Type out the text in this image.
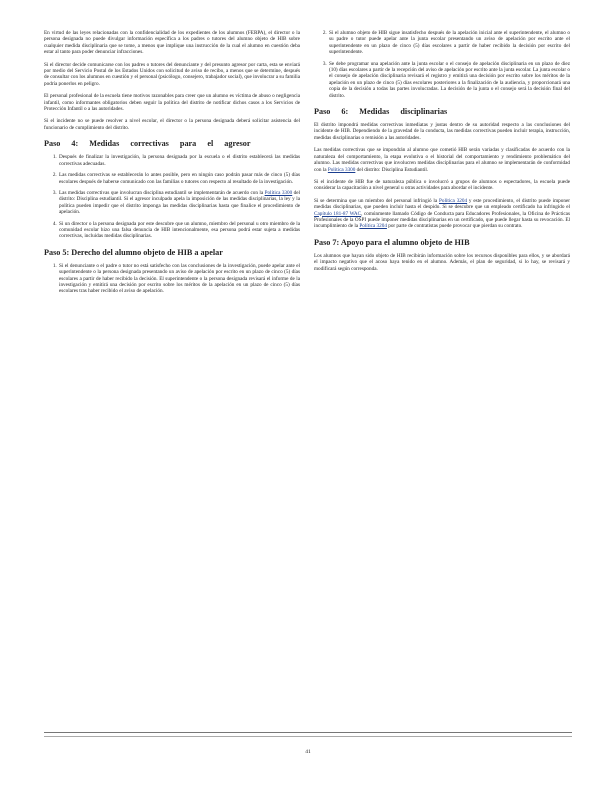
En virtud de las leyes relacionadas con la confidencialidad de los expedientes de los alumnos (FERPA), el director o la persona designada no puede divulgar información específica a los padres o tutores del alumno objeto de HIB sobre cualquier medida disciplinaria que se tome, a menos que implique una instrucción de la cual el alumno en cuestión deba estar al tanto para poder denunciar infracciones.

Si el director decide comunicarse con los padres o tutores del denunciante y del presunto agresor por carta, esta se enviará por medio del Servicio Postal de los Estados Unidos con solicitud de aviso de recibo, a menos que se determine, después de consultar con los alumnos en cuestión y el personal (psicólogo, consejero, trabajador social), que involucrar a su familia podría ponerlos en peligro.

El personal profesional de la escuela tiene motivos razonables para creer que un alumno es víctima de abuso o negligencia infantil, como informantes obligatorios deben seguir la política del distrito de notificar dichos casos a los Servicios de Protección Infantil o a las autoridades.

Si el incidente no se puede resolver a nivel escolar, el director o la persona designada deberá solicitar asistencia del funcionario de cumplimiento del distrito.

Paso 4: Medidas correctivas para el agresor

1. Después de finalizar la investigación, la persona designada por la escuela o el distrito establecerá las medidas correctivas adecuadas.

2. Las medidas correctivas se establecerán lo antes posible, pero en ningún caso podrán pasar más de cinco (5) días escolares después de haberse comunicado con las familias o tutores con respecto al resultado de la investigación.

3. Las medidas correctivas que involucran disciplina estudiantil se implementarán de acuerdo con la Política 3300 del distrito: Disciplina estudiantil. Si el agresor inculpado apela la imposición de las medidas disciplinarias, la ley y la política pueden impedir que el distrito imponga las medidas disciplinarias hasta que finalice el procedimiento de apelación.

4. Si un director o la persona designada por este descubre que un alumno, miembro del personal u otro miembro de la comunidad escolar hizo una falsa denuncia de HIB intencionalmente, esa persona podrá estar sujeta a medidas correctivas, incluidas medidas disciplinarias.

Paso 5: Derecho del alumno objeto de HIB a apelar

1. Si el denunciante o el padre o tutor no está satisfecho con las conclusiones de la investigación, puede apelar ante el superintendente o la persona designada presentando un aviso de apelación por escrito en un plazo de cinco (5) días escolares a partir de haber recibido la decisión. El superintendente o la persona designada revisará el informe de la investigación y emitirá una decisión por escrito sobre los méritos de la apelación en un plazo de cinco (5) días escolares tras haber recibido el aviso de apelación.

2. Si el alumno objeto de HIB sigue insatisfecho después de la apelación inicial ante el superintendente, el alumno o su padre o tutor puede apelar ante la junta escolar presentando un aviso de apelación por escrito ante el superintendente en un plazo de cinco (5) días escolares a partir de haber recibido la decisión por escrito del superintendente.

3. Se debe programar una apelación ante la junta escolar o el consejo de apelación disciplinaria en un plazo de diez (10) días escolares a partir de la recepción del aviso de apelación por escrito ante la junta escolar. La junta escolar o el consejo de apelación disciplinaria revisará el registro y emitirá una decisión por escrito sobre los méritos de la apelación en un plazo de cinco (5) días escolares posteriores a la finalización de la audiencia, y proporcionará una copia de la decisión a todas las partes involucradas. La decisión de la junta o el consejo será la decisión final del distrito.

Paso 6: Medidas disciplinarias

El distrito impondrá medidas correctivas inmediatas y justas dentro de su autoridad respecto a las conclusiones del incidente de HIB. Dependiendo de la gravedad de la conducta, las medidas correctivas pueden incluir terapia, instrucción, medidas disciplinarias o remisión a las autoridades.

Las medidas correctivas que se impondrán al alumno que cometió HIB serán variadas y clasificadas de acuerdo con la naturaleza del comportamiento, la etapa evolutiva o el historial del comportamiento y rendimiento problemático del alumno. Las medidas correctivas que involucren medidas disciplinarias para el alumno se implementarán de conformidad con la Política 3300 del distrito: Disciplina Estudiantil.

Si el incidente de HIB fue de naturaleza pública o involucró a grupos de alumnos o espectadores, la escuela puede considerar la capacitación a nivel general u otras actividades para abordar el incidente.

Si se determina que un miembro del personal infringió la Política 3204 y este procedimiento, el distrito puede imponer medidas disciplinarias, que pueden incluir hasta el despido. Si se descubre que un empleado certificado ha infringido el Capítulo 181-87 WAC, comúnmente llamado Código de Conducta para Educadores Profesionales, la Oficina de Prácticas Profesionales de la OSPI puede imponer medidas disciplinarias en un certificado, que puede llegar hasta su revocación. El incumplimiento de la Política 3204 por parte de contratistas puede provocar que pierdan su contrato.

Paso 7: Apoyo para el alumno objeto de HIB

Los alumnos que hayan sido objeto de HIB recibirán información sobre los recursos disponibles para ellos, y se abordará el impacto negativo que el acoso haya tenido en el alumno. Además, el plan de seguridad, si lo hay, se revisará y modificará según corresponda.

41
